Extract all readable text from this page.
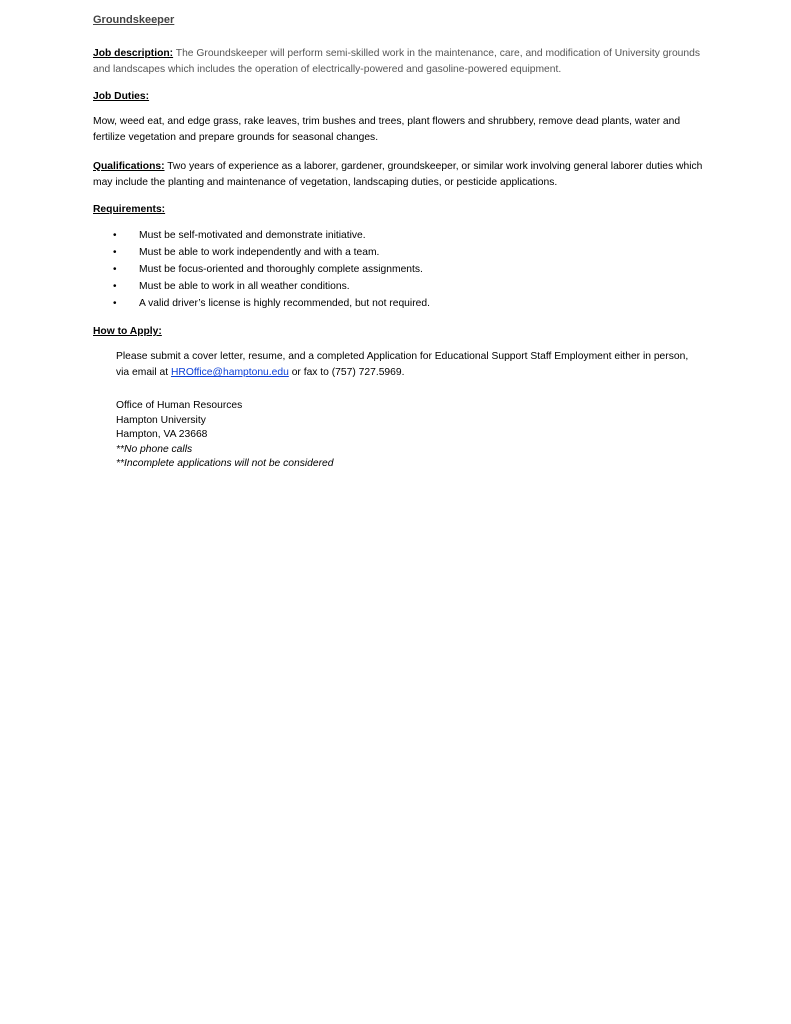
Groundskeeper

Job description: The Groundskeeper will perform semi-skilled work in the maintenance, care, and modification of University grounds and landscapes which includes the operation of electrically-powered and gasoline-powered equipment.

Job Duties:

Mow, weed eat, and edge grass, rake leaves, trim bushes and trees, plant flowers and shrubbery, remove dead plants, water and fertilize vegetation and prepare grounds for seasonal changes.

Qualifications: Two years of experience as a laborer, gardener, groundskeeper, or similar work involving general laborer duties which may include the planting and maintenance of vegetation, landscaping duties, or pesticide applications.

Requirements:
• Must be self-motivated and demonstrate initiative.
• Must be able to work independently and with a team.
• Must be focus-oriented and thoroughly complete assignments.
• Must be able to work in all weather conditions.
• A valid driver’s license is highly recommended, but not required.
How to Apply:

Please submit a cover letter, resume, and a completed Application for Educational Support Staff Employment either in person, via email at HROffice@hamptonu.edu or fax to (757) 727.5969.

Office of Human Resources
Hampton University
Hampton, VA 23668
**No phone calls
**Incomplete applications will not be considered
